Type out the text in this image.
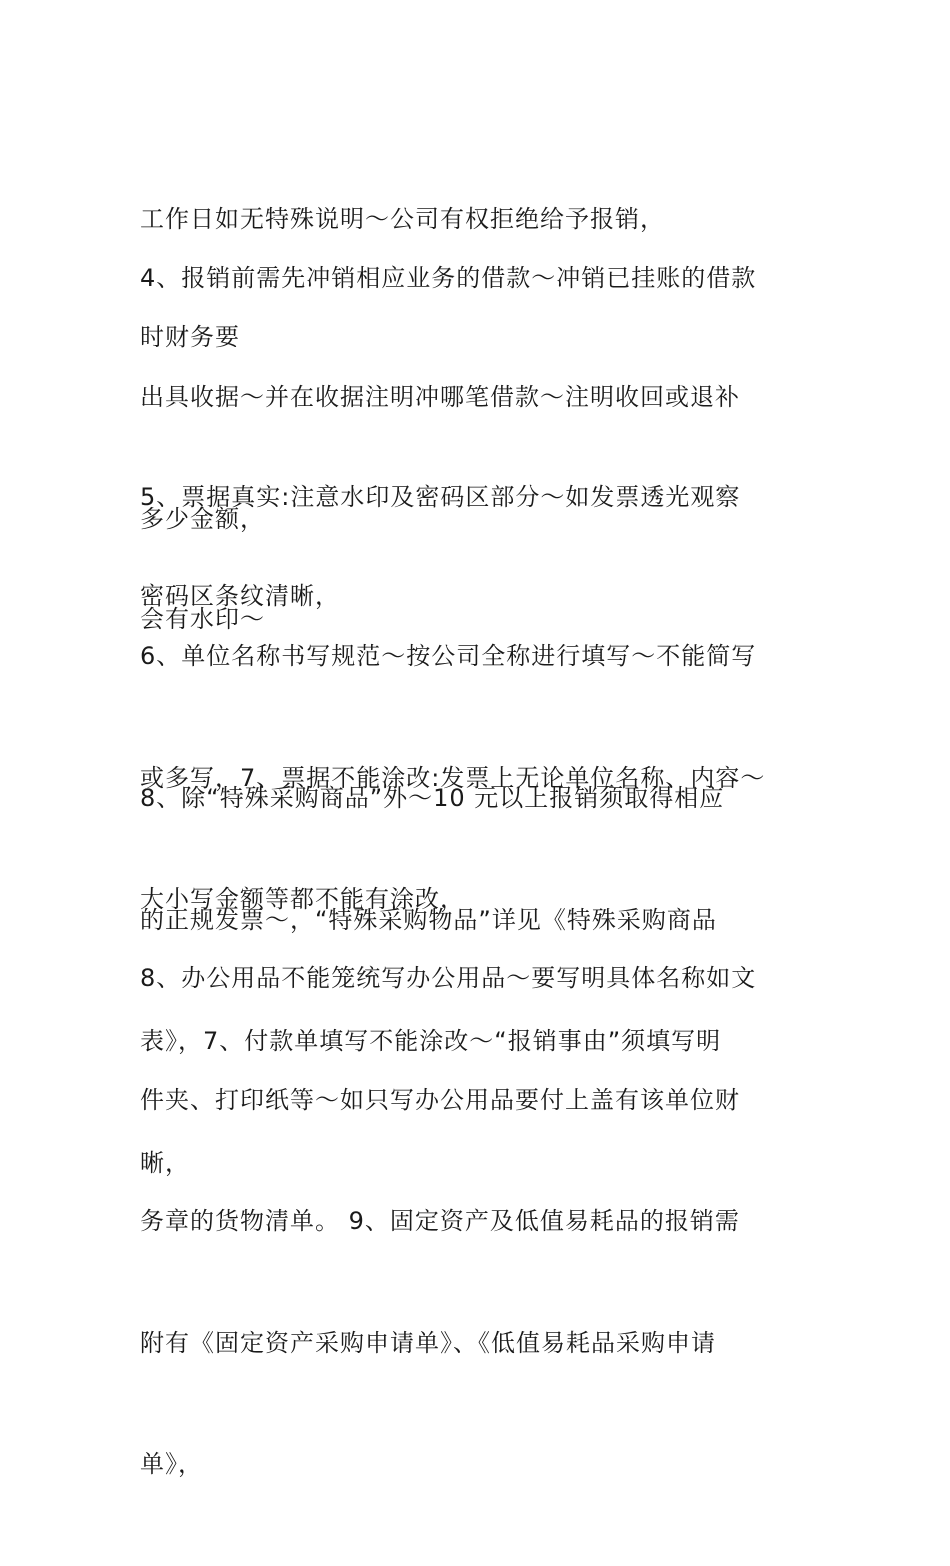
工作日如无特殊说明～公司有权拒绝给予报销，

4、报销前需先冲销相应业务的借款～冲销已挂账的借款

时财务要

出具收据～并在收据注明冲哪笔借款～注明收回或退补

多少金额，

5、票据真实:注意水印及密码区部分～如发票透光观察

会有水印～

密码区条纹清晰，

6、单位名称书写规范～按公司全称进行填写～不能简写

或多写，7、票据不能涂改:发票上无论单位名称、内容～

大小写金额等都不能有涂改，

8、除“特殊采购商品”外～10 元以上报销须取得相应

的正规发票～，“特殊采购物品”详见《特殊采购商品

表》，7、付款单填写不能涂改～“报销事由”须填写明

晰，

8、办公用品不能笼统写办公用品～要写明具体名称如文

件夹、打印纸等～如只写办公用品要付上盖有该单位财

务章的货物清单。 9、固定资产及低值易耗品的报销需

附有《固定资产采购申请单》、《低值易耗品采购申请

单》，
